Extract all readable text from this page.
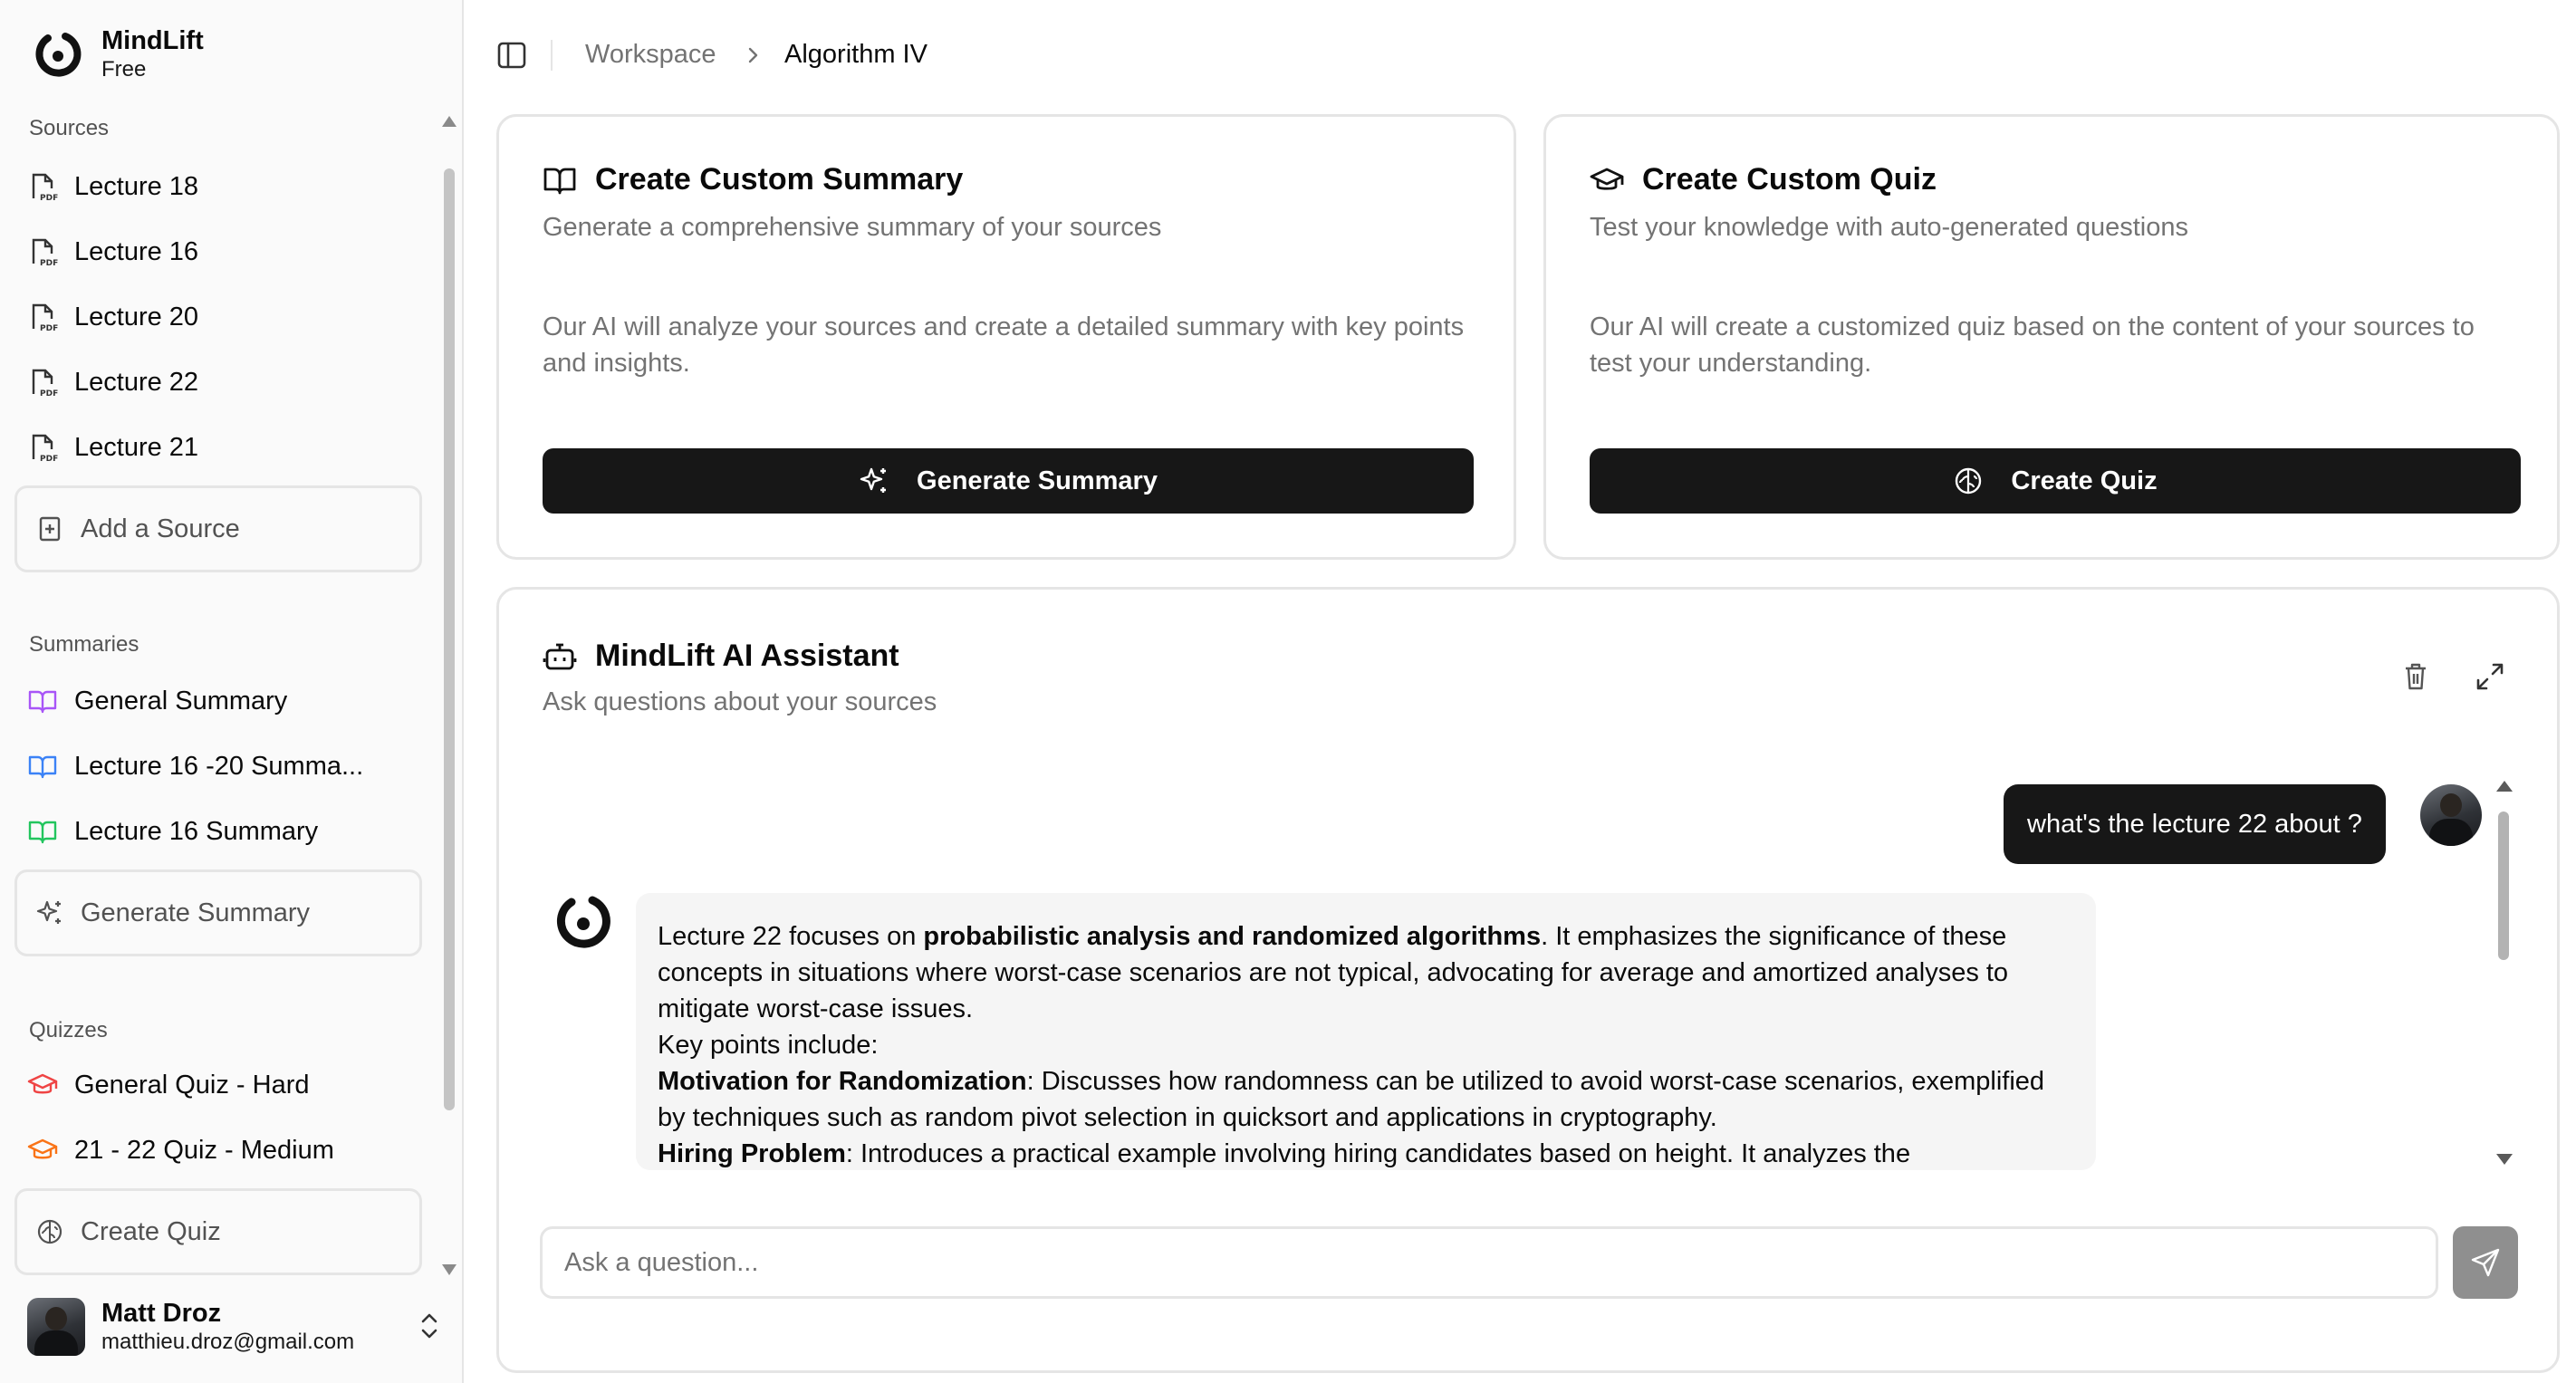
MindLift
Free
Sources
PDF Lecture 18
PDF Lecture 16
PDF Lecture 20
PDF Lecture 22
PDF Lecture 21
Add a Source
Summaries
General Summary
Lecture 16 -20 Summa...
Lecture 16 Summary
Generate Summary
Quizzes
General Quiz - Hard
21 - 22 Quiz - Medium
Create Quiz
Matt Droz
matthieu.droz@gmail.com
Workspace	Algorithm IV
Create Custom Summary
Generate a comprehensive summary of your sources
Our AI will analyze your sources and create a detailed summary with key points and insights.
Generate Summary
Create Custom Quiz
Test your knowledge with auto-generated questions
Our AI will create a customized quiz based on the content of your sources to test your understanding.
Create Quiz
MindLift AI Assistant
Ask questions about your sources
what's the lecture 22 about ?
Lecture 22 focuses on probabilistic analysis and randomized algorithms. It emphasizes the significance of these concepts in situations where worst-case scenarios are not typical, advocating for average and amortized analyses to mitigate worst-case issues.
Key points include:
Motivation for Randomization: Discusses how randomness can be utilized to avoid worst-case scenarios, exemplified by techniques such as random pivot selection in quicksort and applications in cryptography.
Hiring Problem: Introduces a practical example involving hiring candidates based on height. It analyzes the
Ask a question...
